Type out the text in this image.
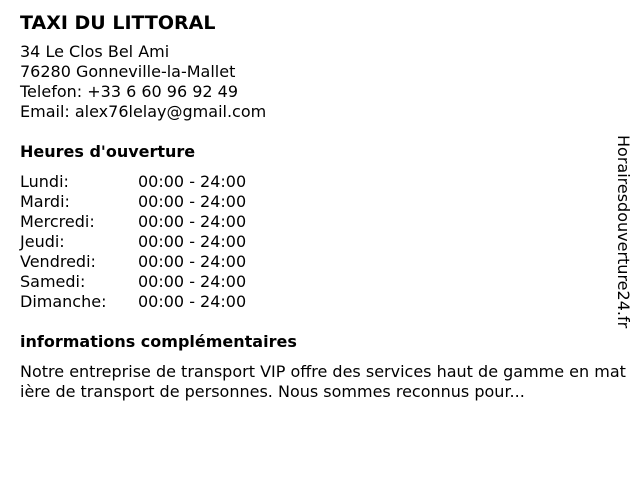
TAXI DU LITTORAL
34 Le Clos Bel Ami
76280 Gonneville-la-Mallet
Telefon: +33 6 60 96 92 49
Email: alex76lelay@gmail.com
Heures d'ouverture
Lundi:	00:00 - 24:00
Mardi:	00:00 - 24:00
Mercredi:	00:00 - 24:00
Jeudi:	00:00 - 24:00
Vendredi:	00:00 - 24:00
Samedi:	00:00 - 24:00
Dimanche:	00:00 - 24:00
informations complémentaires
Notre entreprise de transport VIP offre des services haut de gamme en matière de transport de personnes. Nous sommes reconnus pour...
Horairesdouverture24.fr
